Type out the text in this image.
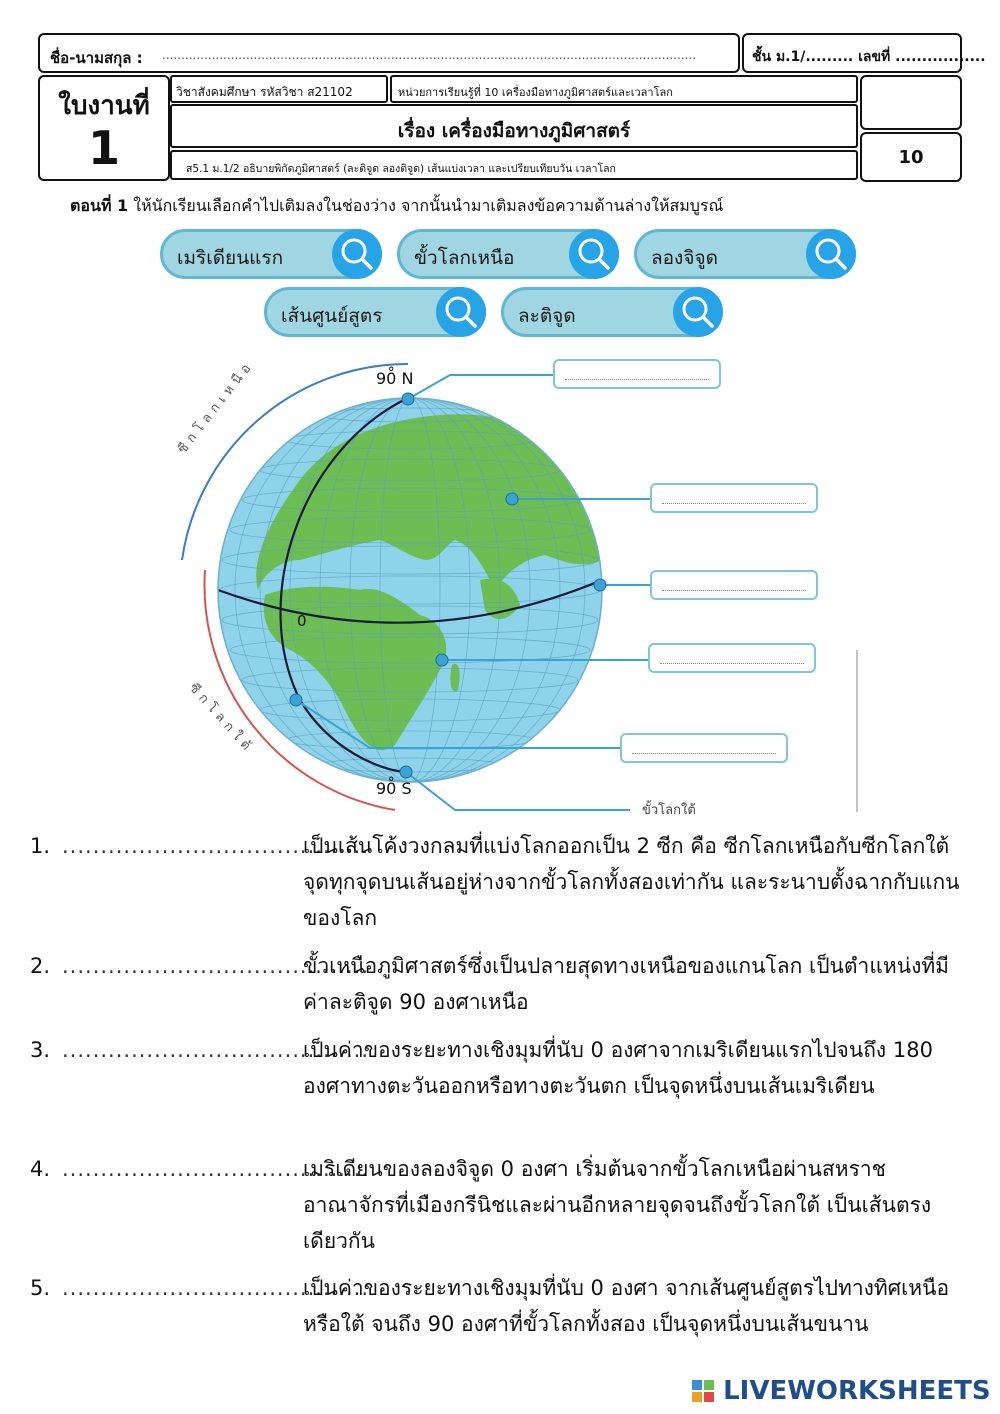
ชื่อ-นามสกุล : ............................................................................................................................................	ชั้น ม.1/......... เลขที่ .................
ใบงานที่
1
วิชาสังคมศึกษา รหัสวิชา ส21102	หน่วยการเรียนรู้ที่ 10 เครื่องมือทางภูมิศาสตร์และเวลาโลก
เรื่อง เครื่องมือทางภูมิศาสตร์
ส5.1 ม.1/2 อธิบายพิกัดภูมิศาสตร์ (ละติจูด ลองติจูด) เส้นแบ่งเวลา และเปรียบเทียบวัน เวลาโลก
10
ตอนที่ 1 ให้นักเรียนเลือกคำไปเติมลงในช่องว่าง จากนั้นนำมาเติมลงข้อความด้านล่างให้สมบูรณ์
เมริเดียนแรก	ขั้วโลกเหนือ	ลองจิจูด
เส้นศูนย์สูตร	ละติจูด
90̊ N
90̊ S
0
ซีกโลกเหนือ
ซีกโลกใต้
ขั้วโลกใต้
1. ........................................
เป็นเส้นโค้งวงกลมที่แบ่งโลกออกเป็น 2 ซีก คือ ซีกโลกเหนือกับซีกโลกใต้ จุดทุกจุดบนเส้นอยู่ห่างจากขั้วโลกทั้งสองเท่ากัน และระนาบตั้งฉากกับแกนของโลก
2. ........................................
ขั้วเหนือภูมิศาสตร์ซึ่งเป็นปลายสุดทางเหนือของแกนโลก เป็นตำแหน่งที่มีค่าละติจูด 90 องศาเหนือ
3. ........................................
เป็นค่าของระยะทางเชิงมุมที่นับ 0 องศาจากเมริเดียนแรกไปจนถึง 180 องศาทางตะวันออกหรือทางตะวันตก เป็นจุดหนึ่งบนเส้นเมริเดียน
4. ........................................
เมริเดียนของลองจิจูด 0 องศา เริ่มต้นจากขั้วโลกเหนือผ่านสหราชอาณาจักรที่เมืองกรีนิชและผ่านอีกหลายจุดจนถึงขั้วโลกใต้ เป็นเส้นตรงเดียวกัน
5. ........................................
เป็นค่าของระยะทางเชิงมุมที่นับ 0 องศา จากเส้นศูนย์สูตรไปทางทิศเหนือหรือใต้ จนถึง 90 องศาที่ขั้วโลกทั้งสอง เป็นจุดหนึ่งบนเส้นขนาน
LIVEWORKSHEETS
